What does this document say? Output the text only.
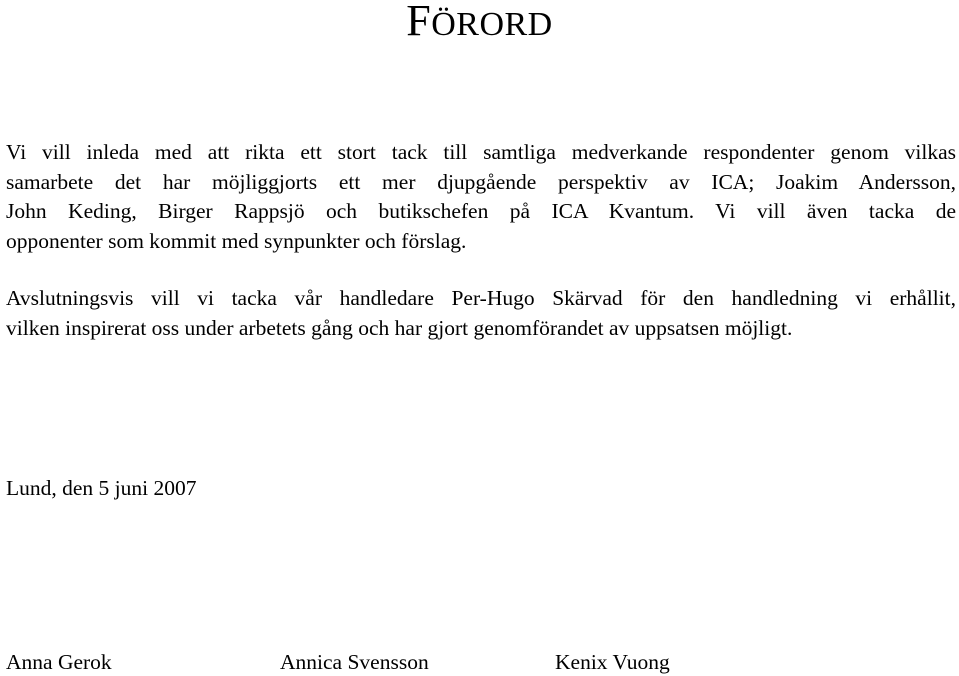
FÖRORD
Vi vill inleda med att rikta ett stort tack till samtliga medverkande respondenter genom vilkas
samarbete det har möjliggjorts ett mer djupgående perspektiv av ICA; Joakim Andersson,
John Keding, Birger Rappsjö och butikschefen på ICA Kvantum. Vi vill även tacka de
opponenter som kommit med synpunkter och förslag.
Avslutningsvis vill vi tacka vår handledare Per-Hugo Skärvad för den handledning vi erhållit,
vilken inspirerat oss under arbetets gång och har gjort genomförandet av uppsatsen möjligt.

Lund, den 5 juni 2007

Anna Gerok	Annica Svensson	Kenix Vuong
